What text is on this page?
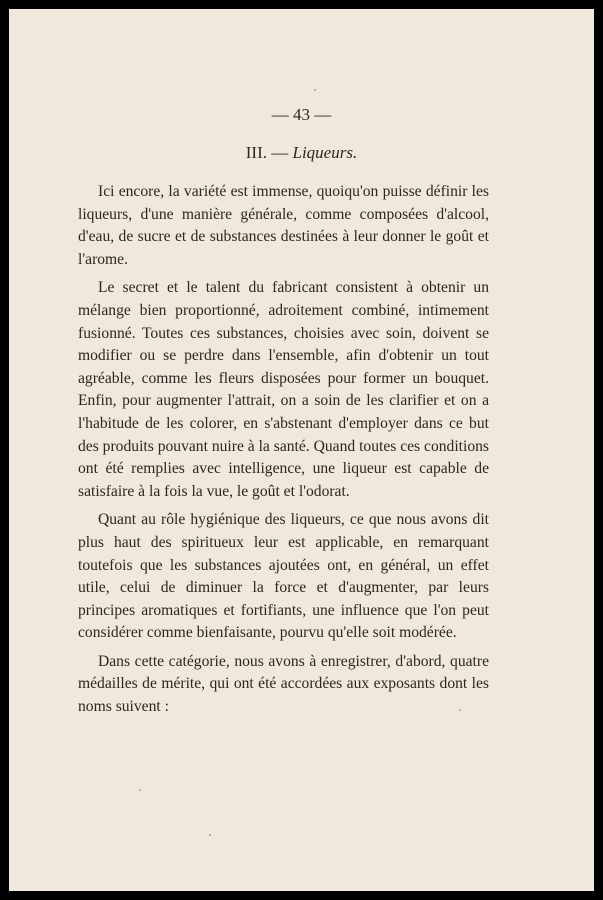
— 43 —
III. — Liqueurs.

Ici encore, la variété est immense, quoiqu'on puisse définir les liqueurs, d'une manière générale, comme composées d'alcool, d'eau, de sucre et de substances destinées à leur donner le goût et l'arome.

Le secret et le talent du fabricant consistent à obtenir un mélange bien proportionné, adroitement combiné, intimement fusionné. Toutes ces substances, choisies avec soin, doivent se modifier ou se perdre dans l'ensemble, afin d'obtenir un tout agréable, comme les fleurs disposées pour former un bouquet. Enfin, pour augmenter l'attrait, on a soin de les clarifier et on a l'habitude de les colorer, en s'abstenant d'employer dans ce but des produits pouvant nuire à la santé. Quand toutes ces conditions ont été remplies avec intelligence, une liqueur est capable de satisfaire à la fois la vue, le goût et l'odorat.

Quant au rôle hygiénique des liqueurs, ce que nous avons dit plus haut des spiritueux leur est applicable, en remarquant toutefois que les substances ajoutées ont, en général, un effet utile, celui de diminuer la force et d'augmenter, par leurs principes aromatiques et fortifiants, une influence que l'on peut considérer comme bienfaisante, pourvu qu'elle soit modérée.

Dans cette catégorie, nous avons à enregistrer, d'abord, quatre médailles de mérite, qui ont été accordées aux exposants dont les noms suivent :
